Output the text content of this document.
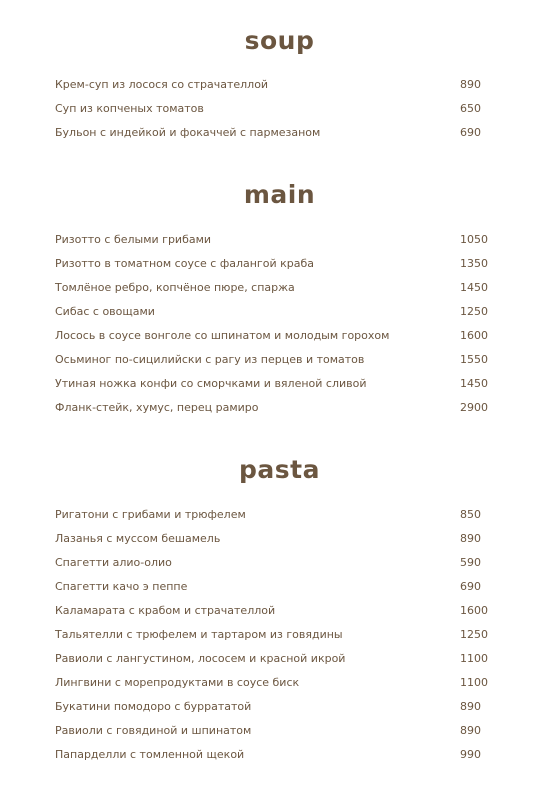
soup
Крем-суп из лосося со страчателлой	890
Суп из копченых томатов	650
Бульон с индейкой и фокаччей с пармезаном	690
main
Ризотто с белыми грибами	1050
Ризотто в томатном соусе с фалангой краба	1350
Томлёное ребро, копчёное пюре, спаржа	1450
Сибас с овощами	1250
Лосось в соусе вонголе со шпинатом и молодым горохом	1600
Осьминог по-сицилийски с рагу из перцев и томатов	1550
Утиная ножка конфи со сморчками и вяленой сливой	1450
Фланк-стейк, хумус, перец рамиро	2900
pasta
Ригатони с грибами и трюфелем	850
Лазанья с муссом бешамель	890
Спагетти алио-олио	590
Спагетти качо э пеппе	690
Каламарата с крабом и страчателлой	1600
Тальятелли с трюфелем и тартаром из говядины	1250
Равиоли с лангустином, лососем и красной икрой	1100
Лингвини с морепродуктами в соусе биск	1100
Букатини помодоро с буррататой	890
Равиоли с говядиной и шпинатом	890
Папарделли с томленной щекой	990
